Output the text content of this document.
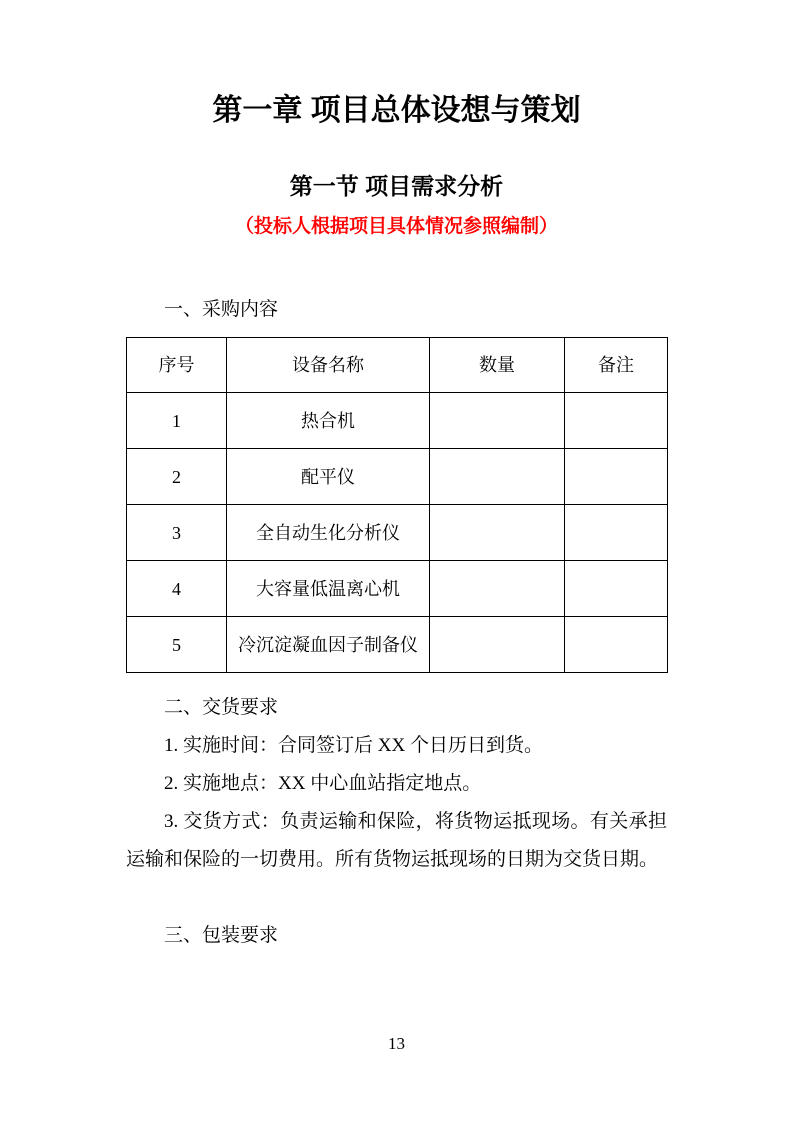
第一章 项目总体设想与策划
第一节 项目需求分析
（投标人根据项目具体情况参照编制）

一、采购内容

序号	设备名称	数量	备注
1	热合机		
2	配平仪		
3	全自动生化分析仪		
4	大容量低温离心机		
5	冷沉淀凝血因子制备仪		

二、交货要求

1. 实施时间：合同签订后 XX 个日历日到货。

2. 实施地点：XX 中心血站指定地点。

3. 交货方式：负责运输和保险，将货物运抵现场。有关承担运输和保险的一切费用。所有货物运抵现场的日期为交货日期。

三、包装要求

13
